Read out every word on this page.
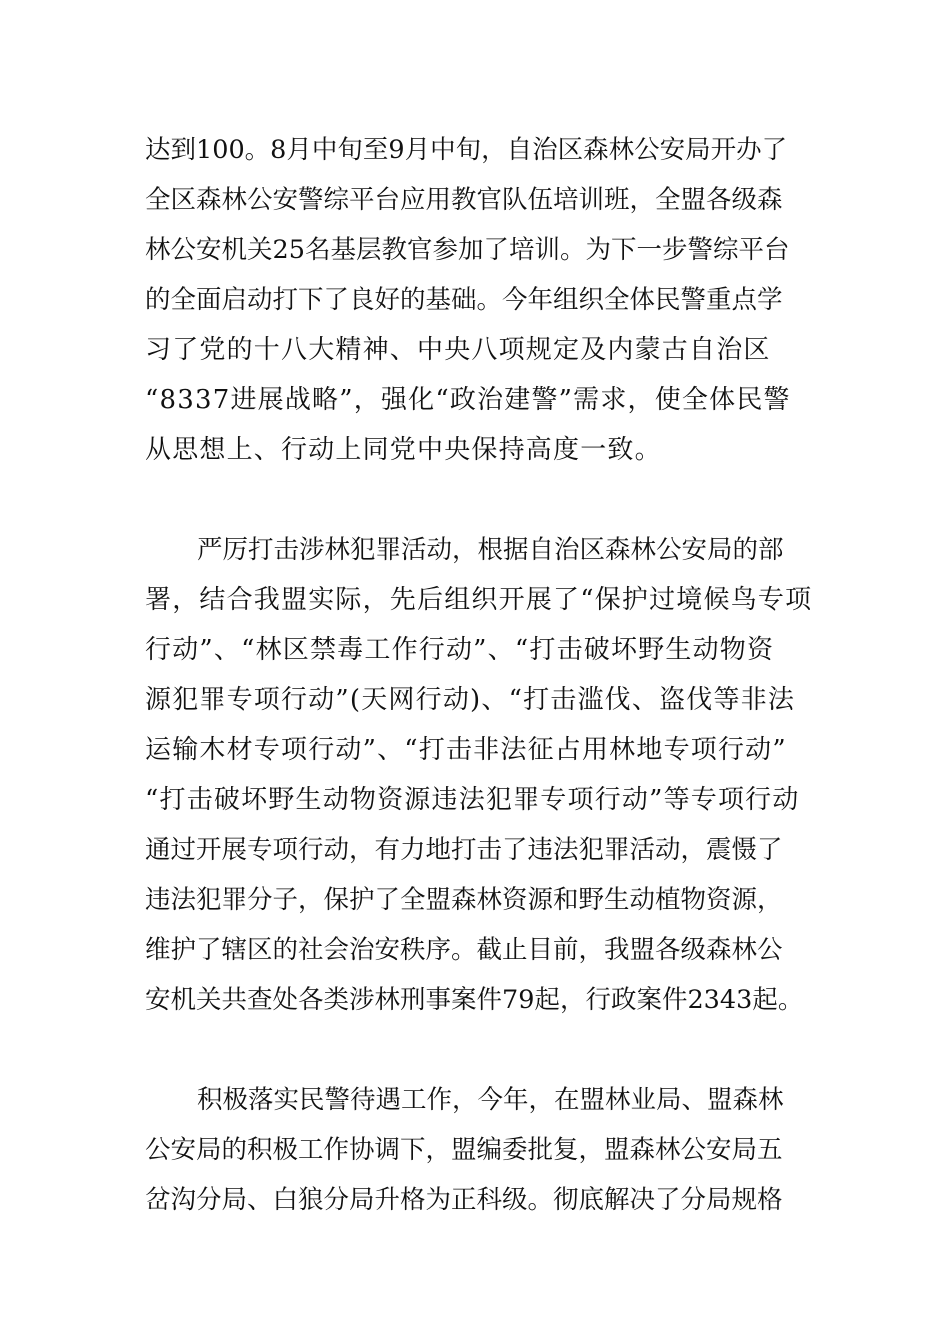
达到100。8月中旬至9月中旬，自治区森林公安局开办了
全区森林公安警综平台应用教官队伍培训班，全盟各级森
林公安机关25名基层教官参加了培训。为下一步警综平台
的全面启动打下了良好的基础。今年组织全体民警重点学
习了党的十八大精神、中央八项规定及内蒙古自治区
“8337进展战略”，强化“政治建警”需求，使全体民警
从思想上、行动上同党中央保持高度一致。
严厉打击涉林犯罪活动，根据自治区森林公安局的部
署，结合我盟实际，先后组织开展了“保护过境候鸟专项
行动”、“林区禁毒工作行动”、“打击破坏野生动物资
源犯罪专项行动”(天网行动)、“打击滥伐、盗伐等非法
运输木材专项行动”、“打击非法征占用林地专项行动”
“打击破坏野生动物资源违法犯罪专项行动”等专项行动
通过开展专项行动，有力地打击了违法犯罪活动，震慑了
违法犯罪分子，保护了全盟森林资源和野生动植物资源，
维护了辖区的社会治安秩序。截止目前，我盟各级森林公
安机关共查处各类涉林刑事案件79起，行政案件2343起。
积极落实民警待遇工作，今年，在盟林业局、盟森林
公安局的积极工作协调下，盟编委批复，盟森林公安局五
岔沟分局、白狼分局升格为正科级。彻底解决了分局规格
